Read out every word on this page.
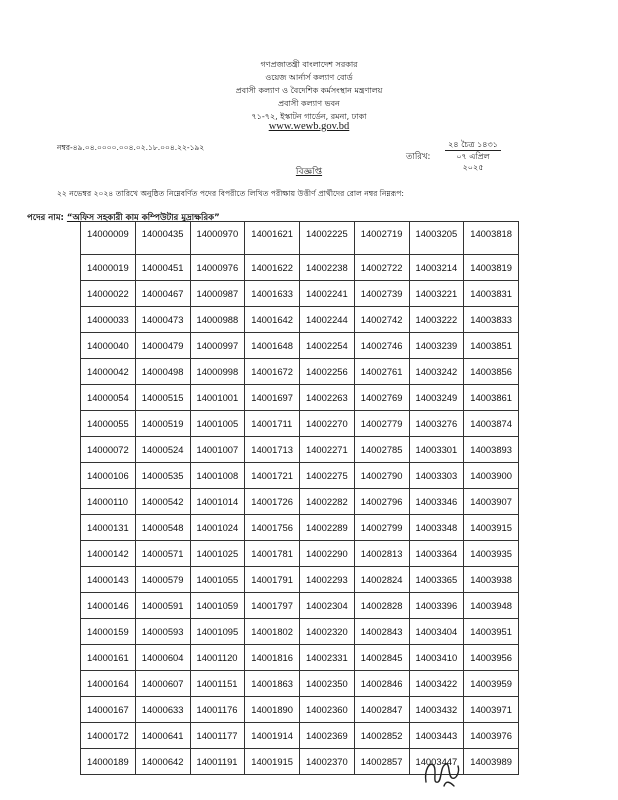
গণপ্রজাতন্ত্রী বাংলাদেশ সরকার
ওয়েজ আর্নার্স কল্যাণ বোর্ড
প্রবাসী কল্যাণ ও বৈদেশিক কর্মসংস্থান মন্ত্রণালয়
প্রবাসী কল্যাণ ভবন
৭১-৭২, ইস্কাটন গার্ডেন, রমনা, ঢাকা
www.wewb.gov.bd
নম্বর-৪৯.০৪.০০০০.০০৪.০২.১৮.০০৪.২২-১৯২
তারিখ:
২৪ চৈত্র ১৪৩১
০৭ এপ্রিল ২০২৫
বিজ্ঞপ্তি
২২ নভেম্বর ২০২৪ তারিখে অনুষ্ঠিত নিম্নেবর্ণিত পদের বিপরীতে লিখিত পরীক্ষায় উত্তীর্ণ প্রার্থীদের রোল নম্বর নিম্নরূপ:
পদের নাম: “অফিস সহকারী কাম কম্পিউটার মুদ্রাক্ষরিক”
14000009	14000435	14000970	14001621	14002225	14002719	14003205	14003818
14000019	14000451	14000976	14001622	14002238	14002722	14003214	14003819
14000022	14000467	14000987	14001633	14002241	14002739	14003221	14003831
14000033	14000473	14000988	14001642	14002244	14002742	14003222	14003833
14000040	14000479	14000997	14001648	14002254	14002746	14003239	14003851
14000042	14000498	14000998	14001672	14002256	14002761	14003242	14003856
14000054	14000515	14001001	14001697	14002263	14002769	14003249	14003861
14000055	14000519	14001005	14001711	14002270	14002779	14003276	14003874
14000072	14000524	14001007	14001713	14002271	14002785	14003301	14003893
14000106	14000535	14001008	14001721	14002275	14002790	14003303	14003900
14000110	14000542	14001014	14001726	14002282	14002796	14003346	14003907
14000131	14000548	14001024	14001756	14002289	14002799	14003348	14003915
14000142	14000571	14001025	14001781	14002290	14002813	14003364	14003935
14000143	14000579	14001055	14001791	14002293	14002824	14003365	14003938
14000146	14000591	14001059	14001797	14002304	14002828	14003396	14003948
14000159	14000593	14001095	14001802	14002320	14002843	14003404	14003951
14000161	14000604	14001120	14001816	14002331	14002845	14003410	14003956
14000164	14000607	14001151	14001863	14002350	14002846	14003422	14003959
14000167	14000633	14001176	14001890	14002360	14002847	14003432	14003971
14000172	14000641	14001177	14001914	14002369	14002852	14003443	14003976
14000189	14000642	14001191	14001915	14002370	14002857	14003447	14003989
